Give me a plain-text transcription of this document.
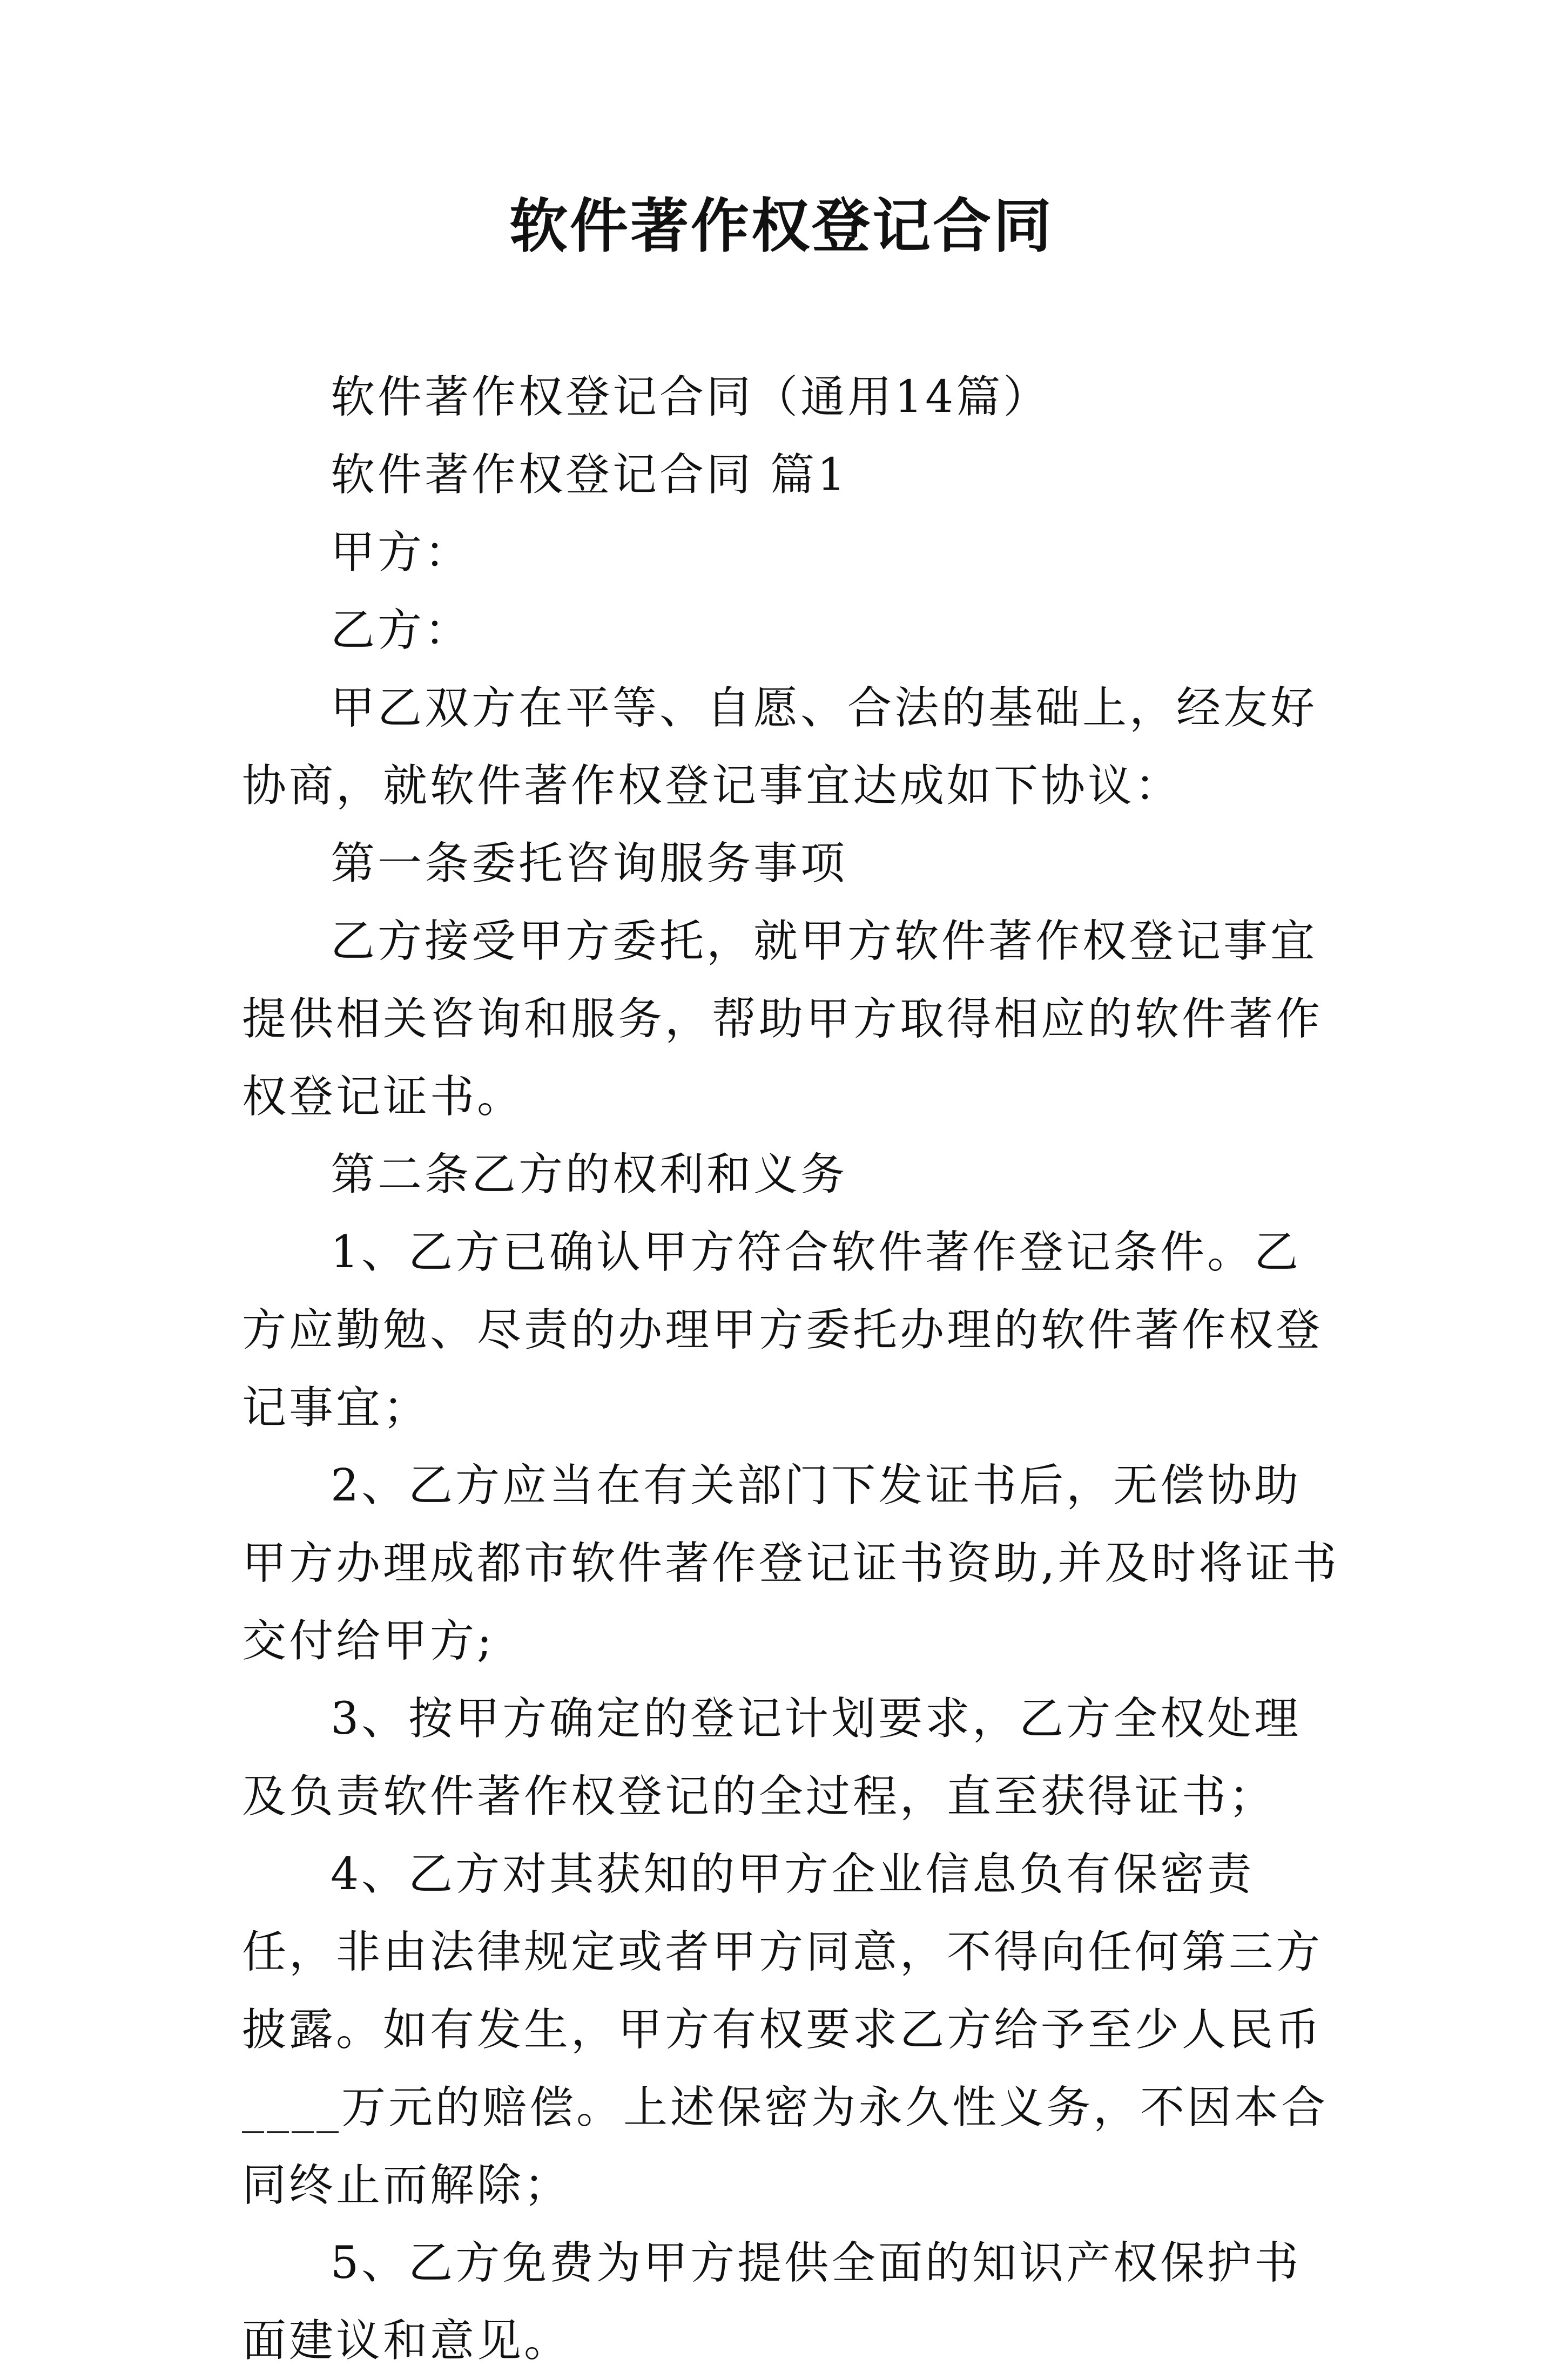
软件著作权登记合同

软件著作权登记合同（通用14篇）

软件著作权登记合同 篇1

甲方：

乙方：

甲乙双方在平等、自愿、合法的基础上，经友好协商，就软件著作权登记事宜达成如下协议：

第一条委托咨询服务事项

乙方接受甲方委托，就甲方软件著作权登记事宜提供相关咨询和服务，帮助甲方取得相应的软件著作权登记证书。

第二条乙方的权利和义务

1、乙方已确认甲方符合软件著作登记条件。乙方应勤勉、尽责的办理甲方委托办理的软件著作权登记事宜；

2、乙方应当在有关部门下发证书后，无偿协助甲方办理成都市软件著作登记证书资助,并及时将证书交付给甲方;

3、按甲方确定的登记计划要求，乙方全权处理及负责软件著作权登记的全过程，直至获得证书；

4、乙方对其获知的甲方企业信息负有保密责任，非由法律规定或者甲方同意，不得向任何第三方披露。如有发生，甲方有权要求乙方给予至少人民币____万元的赔偿。上述保密为永久性义务，不因本合同终止而解除；

5、乙方免费为甲方提供全面的知识产权保护书面建议和意见。
